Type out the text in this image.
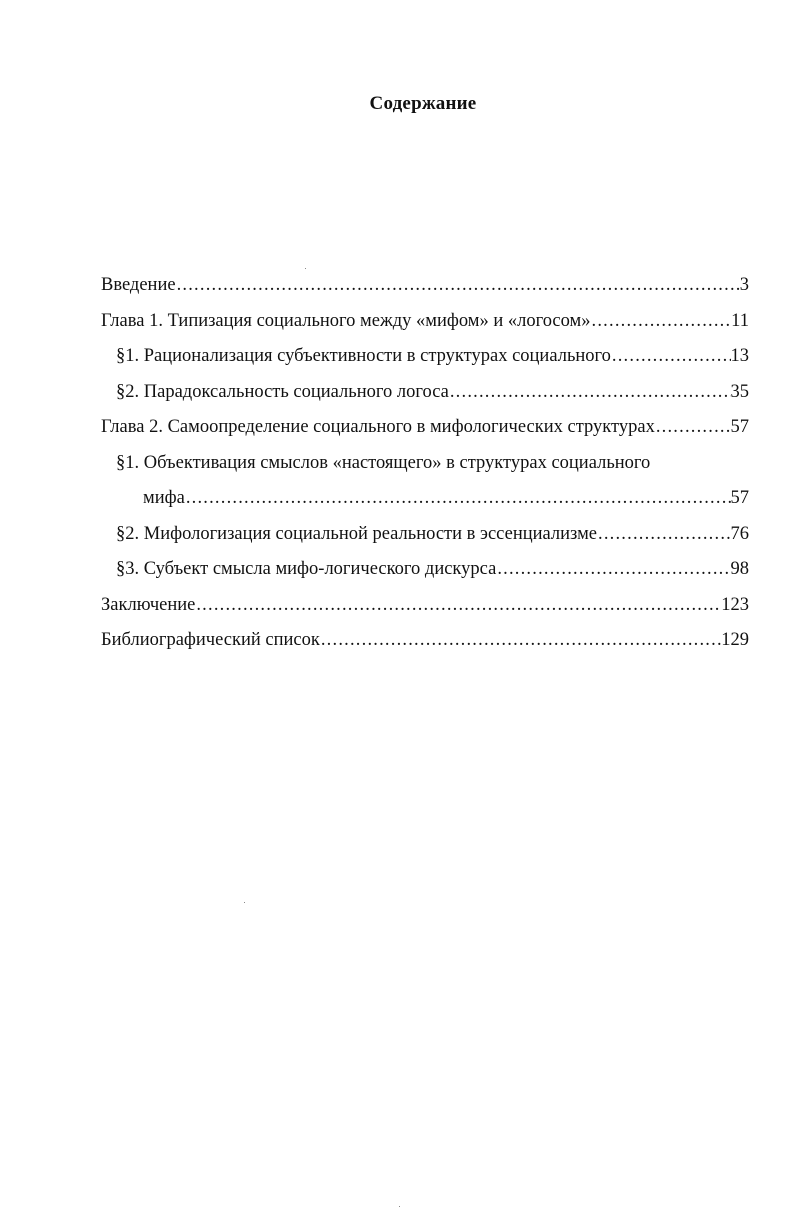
Содержание
Введение .....	3
Глава 1. Типизация социального между «мифом» и «логосом» .....	11
§1. Рационализация субъективности в структурах социального .....	13
§2. Парадоксальность социального логоса .....	35
Глава 2. Самоопределение социального в мифологических структурах .....	57
§1. Объективация смыслов «настоящего» в структурах социального
мифа .....	57
§2. Мифологизация социальной реальности в эссенциализме .....	76
§3. Субъект смысла мифо-логического дискурса .....	98
Заключение .....	123
Библиографический список .....	129
